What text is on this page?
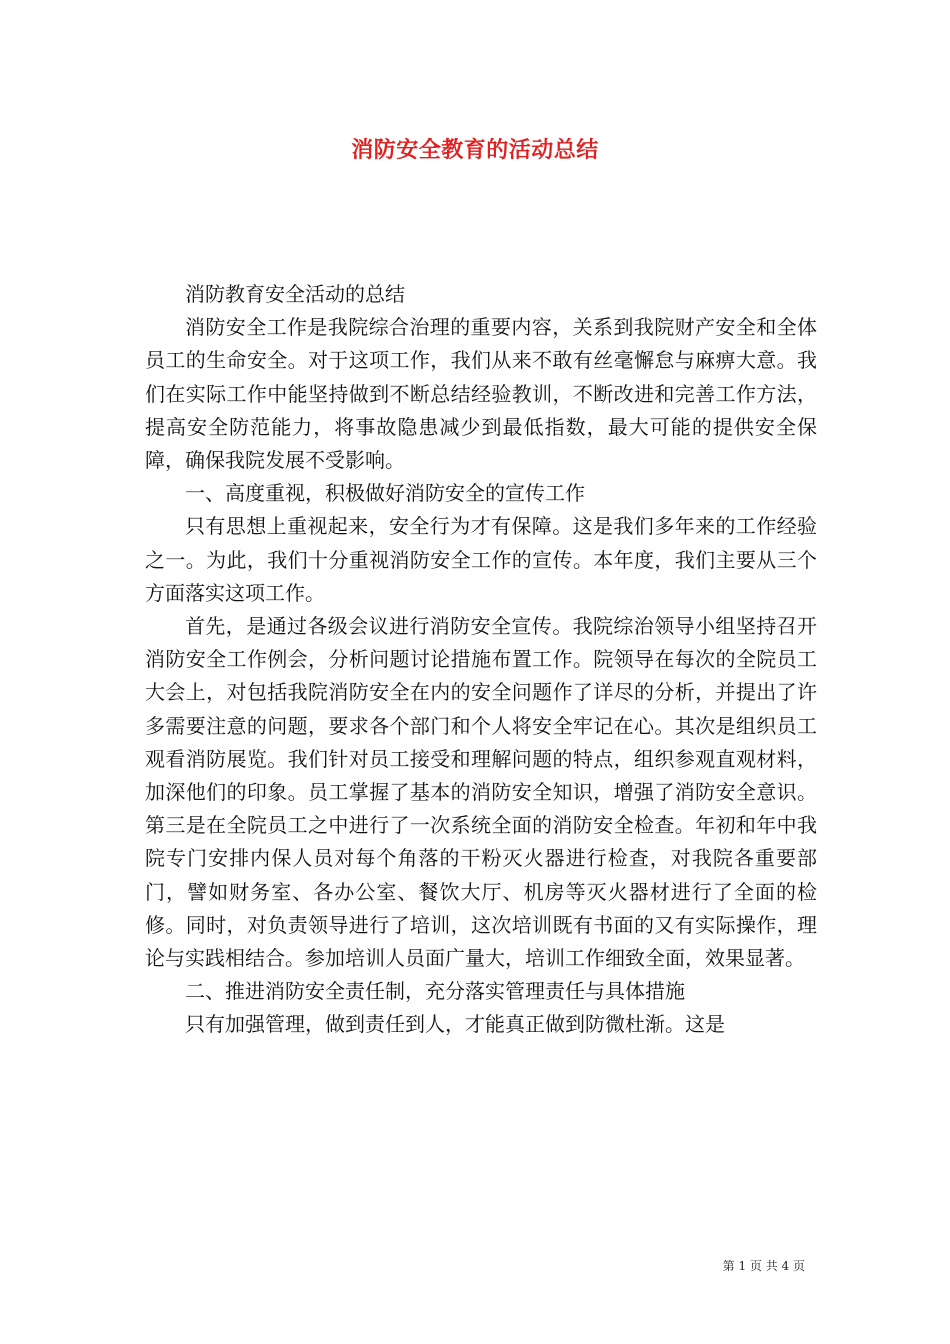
消防安全教育的活动总结

消防教育安全活动的总结

消防安全工作是我院综合治理的重要内容，关系到我院财产安全和全体员工的生命安全。对于这项工作，我们从来不敢有丝毫懈怠与麻痹大意。我们在实际工作中能坚持做到不断总结经验教训，不断改进和完善工作方法，提高安全防范能力，将事故隐患减少到最低指数，最大可能的提供安全保障，确保我院发展不受影响。

一、高度重视，积极做好消防安全的宣传工作

只有思想上重视起来，安全行为才有保障。这是我们多年来的工作经验之一。为此，我们十分重视消防安全工作的宣传。本年度，我们主要从三个方面落实这项工作。

首先，是通过各级会议进行消防安全宣传。我院综治领导小组坚持召开消防安全工作例会，分析问题讨论措施布置工作。院领导在每次的全院员工大会上，对包括我院消防安全在内的安全问题作了详尽的分析，并提出了许多需要注意的问题，要求各个部门和个人将安全牢记在心。其次是组织员工观看消防展览。我们针对员工接受和理解问题的特点，组织参观直观材料，加深他们的印象。员工掌握了基本的消防安全知识，增强了消防安全意识。第三是在全院员工之中进行了一次系统全面的消防安全检查。年初和年中我院专门安排内保人员对每个角落的干粉灭火器进行检查，对我院各重要部门，譬如财务室、各办公室、餐饮大厅、机房等灭火器材进行了全面的检修。同时，对负责领导进行了培训，这次培训既有书面的又有实际操作，理论与实践相结合。参加培训人员面广量大，培训工作细致全面，效果显著。

二、推进消防安全责任制，充分落实管理责任与具体措施

只有加强管理，做到责任到人，才能真正做到防微杜渐。这是

第 1 页 共 4 页
